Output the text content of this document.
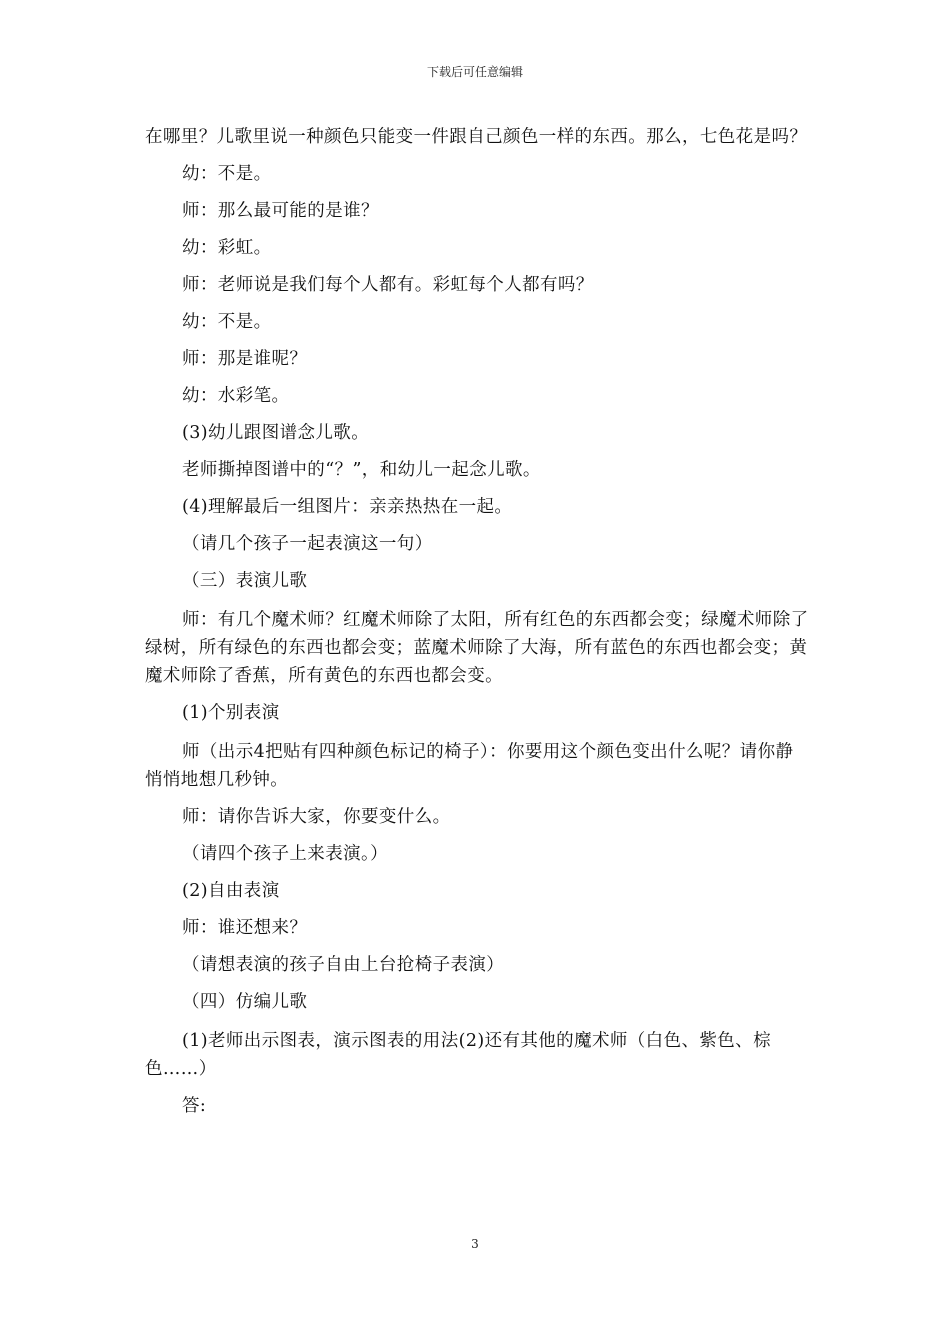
下载后可任意编辑

在哪里？儿歌里说一种颜色只能变一件跟自己颜色一样的东西。那么，七色花是吗？

幼：不是。

师：那么最可能的是谁？

幼：彩虹。

师：老师说是我们每个人都有。彩虹每个人都有吗？

幼：不是。

师：那是谁呢？

幼：水彩笔。

(3)幼儿跟图谱念儿歌。

老师撕掉图谱中的“？”，和幼儿一起念儿歌。

(4)理解最后一组图片：亲亲热热在一起。

（请几个孩子一起表演这一句）

（三）表演儿歌

师：有几个魔术师？红魔术师除了太阳，所有红色的东西都会变；绿魔术师除了绿树，所有绿色的东西也都会变；蓝魔术师除了大海，所有蓝色的东西也都会变；黄魔术师除了香蕉，所有黄色的东西也都会变。

(1)个别表演

师（出示4把贴有四种颜色标记的椅子）：你要用这个颜色变出什么呢？请你静悄悄地想几秒钟。

师：请你告诉大家，你要变什么。

（请四个孩子上来表演。）

(2)自由表演

师：谁还想来？

（请想表演的孩子自由上台抢椅子表演）

（四）仿编儿歌

(1)老师出示图表，演示图表的用法(2)还有其他的魔术师（白色、紫色、棕色……）

答:

3
